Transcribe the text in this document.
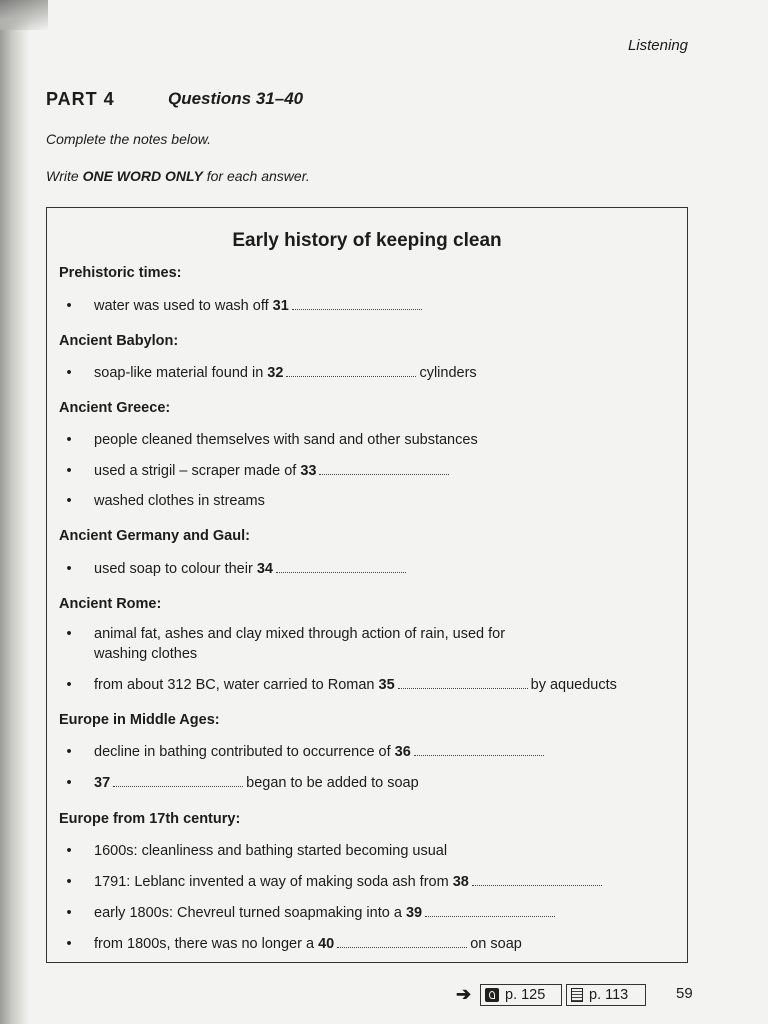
Listening
PART 4	Questions 31–40
Complete the notes below.
Write ONE WORD ONLY for each answer.
Early history of keeping clean
Prehistoric times:
•	water was used to wash off 31
Ancient Babylon:
•	soap-like material found in 32	cylinders
Ancient Greece:
•	people cleaned themselves with sand and other substances
•	used a strigil – scraper made of 33
•	washed clothes in streams
Ancient Germany and Gaul:
•	used soap to colour their 34
Ancient Rome:
•	animal fat, ashes and clay mixed through action of rain, used for washing clothes
•	from about 312 BC, water carried to Roman 35	by aqueducts
Europe in Middle Ages:
•	decline in bathing contributed to occurrence of 36
•	37	began to be added to soap
Europe from 17th century:
•	1600s: cleanliness and bathing started becoming usual
•	1791: Leblanc invented a way of making soda ash from 38
•	early 1800s: Chevreul turned soapmaking into a 39
•	from 1800s, there was no longer a 40	on soap
➔ p. 125	p. 113	59
